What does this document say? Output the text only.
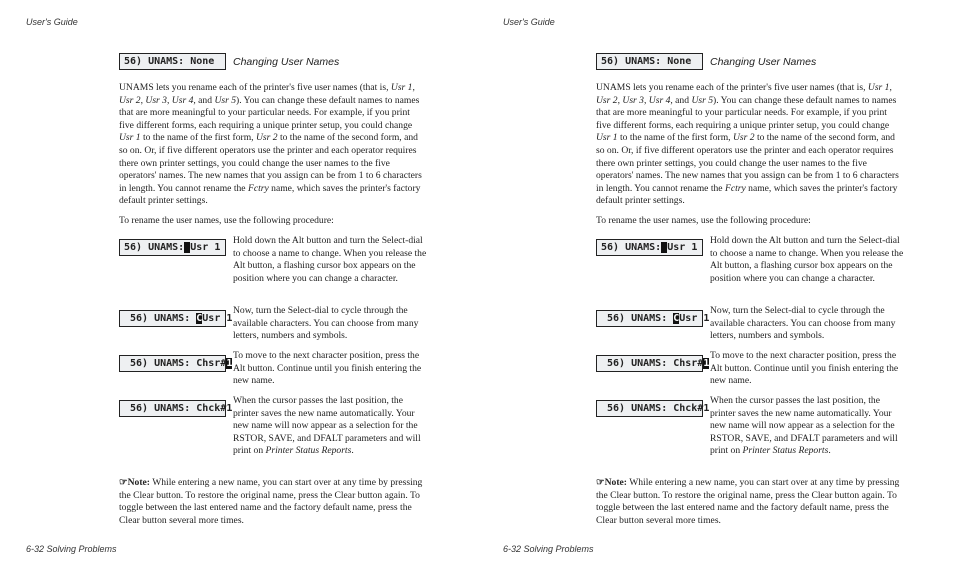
User's Guide
56) UNAMS: None	Changing User Names
UNAMS lets you rename each of the printer's five user names (that is, Usr 1, Usr 2, Usr 3, Usr 4, and Usr 5). You can change these default names to names that are more meaningful to your particular needs. For example, if you print five different forms, each requiring a unique printer setup, you could change Usr 1 to the name of the first form, Usr 2 to the name of the second form, and so on. Or, if five different operators use the printer and each operator requires there own printer settings, you could change the user names to the five operators' names. The new names that you assign can be from 1 to 6 characters in length. You cannot rename the Fctry name, which saves the printer's factory default printer settings.
To rename the user names, use the following procedure:
56) UNAMS: Usr 1
Hold down the Alt button and turn the Select-dial to choose a name to change. When you release the Alt button, a flashing cursor box appears on the position where you can change a character.
56) UNAMS: CUsr 1
Now, turn the Select-dial to cycle through the available characters. You can choose from many letters, numbers and symbols.
56) UNAMS: Chsr#1
To move to the next character position, press the Alt button. Continue until you finish entering the new name.
56) UNAMS: Chck#1
When the cursor passes the last position, the printer saves the new name automatically. Your new name will now appear as a selection for the RSTOR, SAVE, and DFALT parameters and will print on Printer Status Reports.
☞Note: While entering a new name, you can start over at any time by pressing the Clear button. To restore the original name, press the Clear button again. To toggle between the last entered name and the factory default name, press the Clear button several more times.
6-32 Solving Problems
User's Guide
56) UNAMS: None	Changing User Names
UNAMS lets you rename each of the printer's five user names (that is, Usr 1, Usr 2, Usr 3, Usr 4, and Usr 5). You can change these default names to names that are more meaningful to your particular needs. For example, if you print five different forms, each requiring a unique printer setup, you could change Usr 1 to the name of the first form, Usr 2 to the name of the second form, and so on. Or, if five different operators use the printer and each operator requires there own printer settings, you could change the user names to the five operators' names. The new names that you assign can be from 1 to 6 characters in length. You cannot rename the Fctry name, which saves the printer's factory default printer settings.
To rename the user names, use the following procedure:
56) UNAMS: Usr 1
Hold down the Alt button and turn the Select-dial to choose a name to change. When you release the Alt button, a flashing cursor box appears on the position where you can change a character.
56) UNAMS: CUsr 1
Now, turn the Select-dial to cycle through the available characters. You can choose from many letters, numbers and symbols.
56) UNAMS: Chsr#1
To move to the next character position, press the Alt button. Continue until you finish entering the new name.
56) UNAMS: Chck#1
When the cursor passes the last position, the printer saves the new name automatically. Your new name will now appear as a selection for the RSTOR, SAVE, and DFALT parameters and will print on Printer Status Reports.
☞Note: While entering a new name, you can start over at any time by pressing the Clear button. To restore the original name, press the Clear button again. To toggle between the last entered name and the factory default name, press the Clear button several more times.
6-32 Solving Problems
